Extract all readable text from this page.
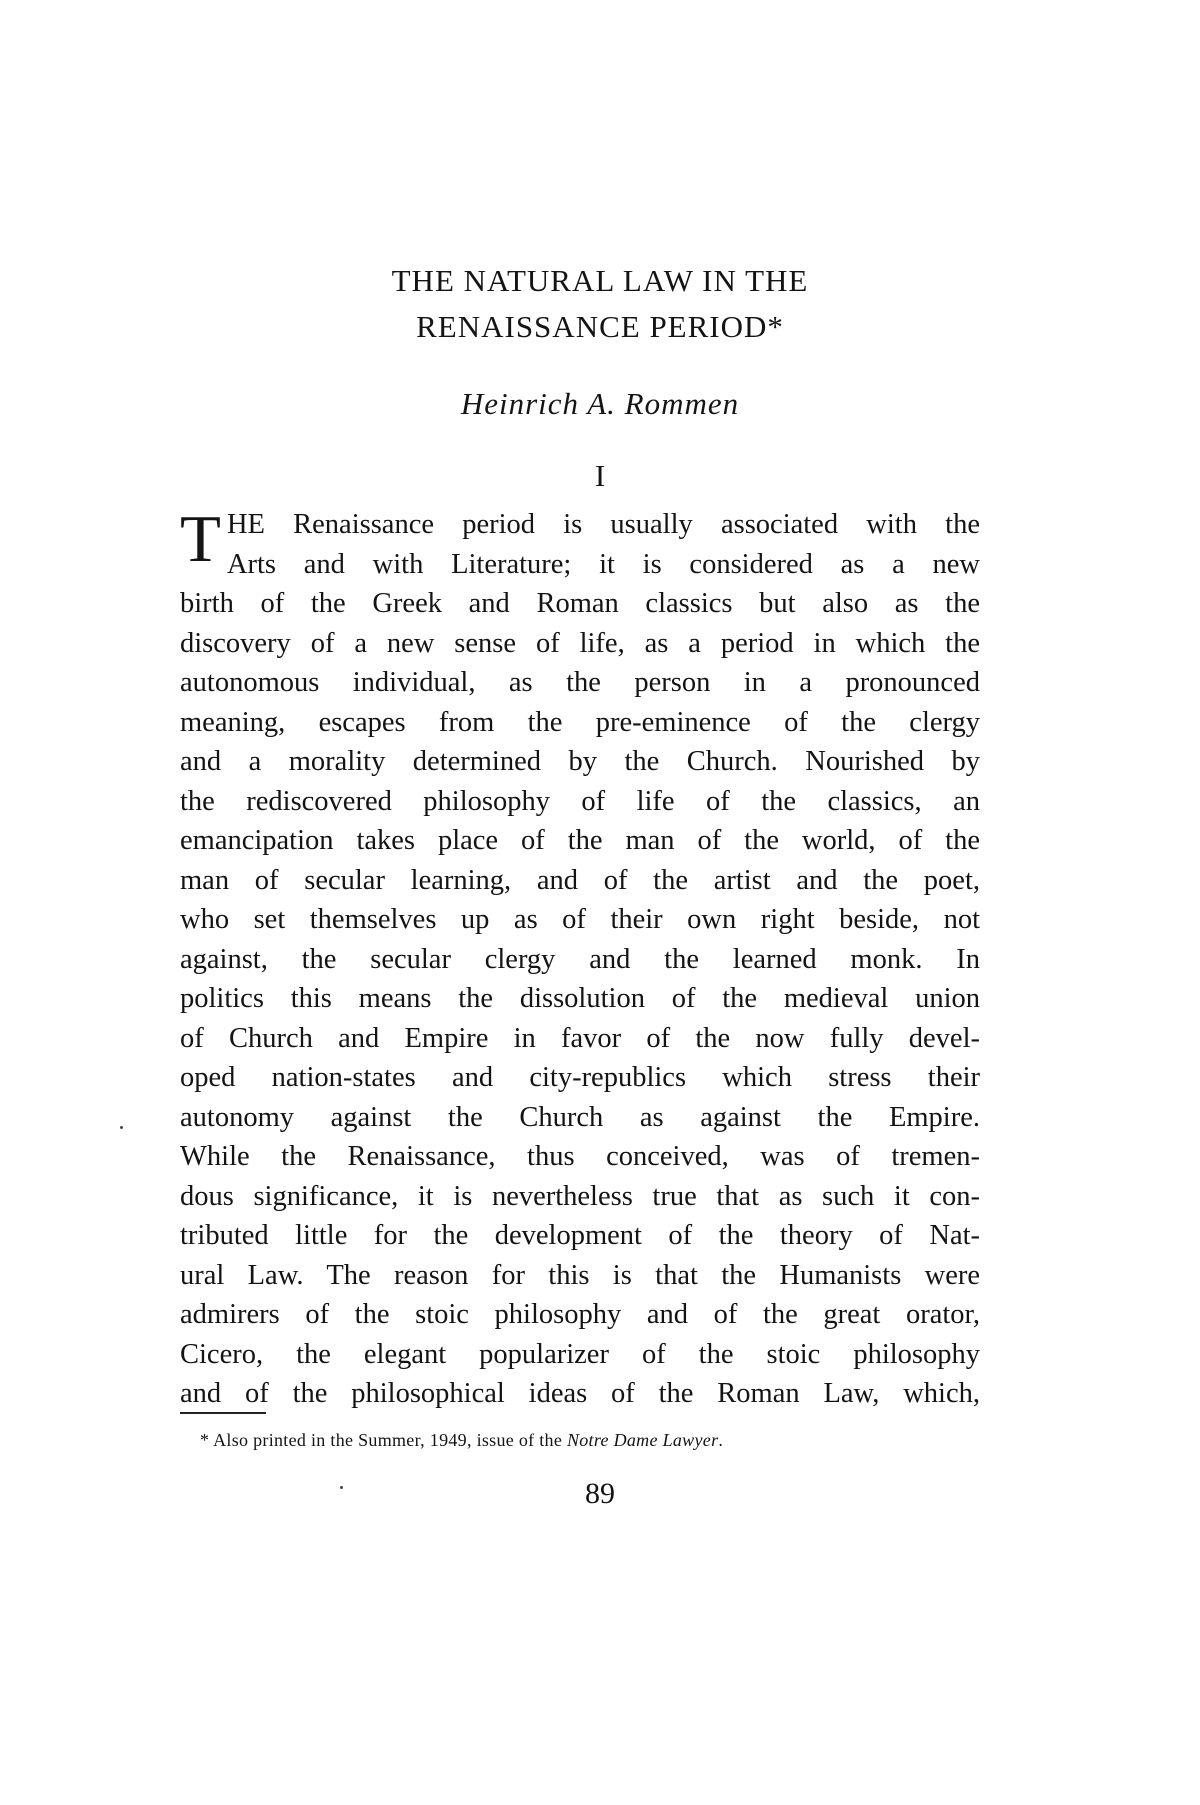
THE NATURAL LAW IN THE
RENAISSANCE PERIOD*
Heinrich A. Rommen
I
T HE Renaissance period is usually associated with the
Arts and with Literature; it is considered as a new
birth of the Greek and Roman classics but also as the
discovery of a new sense of life, as a period in which the
autonomous individual, as the person in a pronounced
meaning, escapes from the pre-eminence of the clergy
and a morality determined by the Church. Nourished by
the rediscovered philosophy of life of the classics, an
emancipation takes place of the man of the world, of the
man of secular learning, and of the artist and the poet,
who set themselves up as of their own right beside, not
against, the secular clergy and the learned monk. In
politics this means the dissolution of the medieval union
of Church and Empire in favor of the now fully devel-
oped nation-states and city-republics which stress their
autonomy against the Church as against the Empire.
While the Renaissance, thus conceived, was of tremen-
dous significance, it is nevertheless true that as such it con-
tributed little for the development of the theory of Nat-
ural Law. The reason for this is that the Humanists were
admirers of the stoic philosophy and of the great orator,
Cicero, the elegant popularizer of the stoic philosophy
and of the philosophical ideas of the Roman Law, which,
* Also printed in the Summer, 1949, issue of the Notre Dame Lawyer.
89
